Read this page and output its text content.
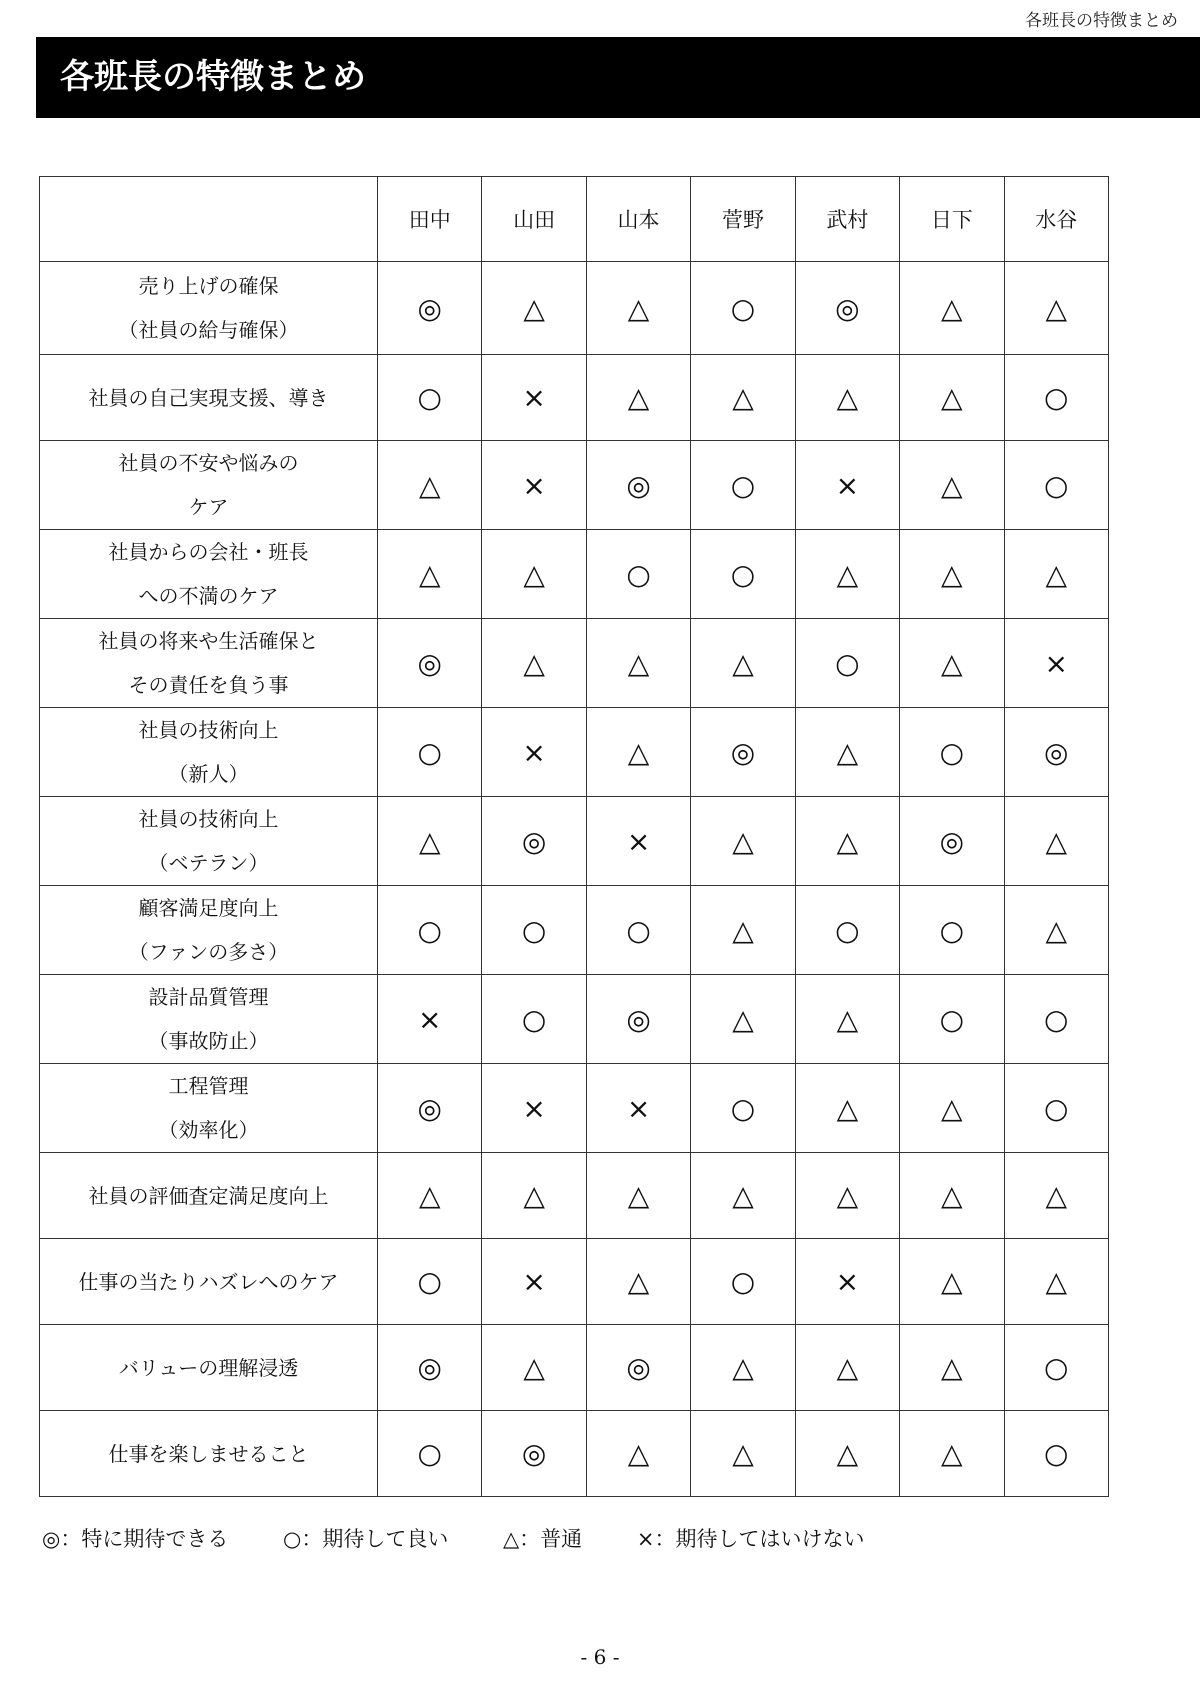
各班長の特徴まとめ
各班長の特徴まとめ
	田中	山田	山本	菅野	武村	日下	水谷

売り上げの確保
（社員の給与確保）	◎	△	△	○	◎	△	△

社員の自己実現支援、導き	○	×	△	△	△	△	○

社員の不安や悩みの
ケア	△	×	◎	○	×	△	○

社員からの会社・班長
への不満のケア	△	△	○	○	△	△	△

社員の将来や生活確保と
その責任を負う事	◎	△	△	△	○	△	×

社員の技術向上
（新人）	○	×	△	◎	△	○	◎

社員の技術向上
（ベテラン）	△	◎	×	△	△	◎	△

顧客満足度向上
（ファンの多さ）	○	○	○	△	○	○	△

設計品質管理
（事故防止）	×	○	◎	△	△	○	○

工程管理
（効率化）	◎	×	×	○	△	△	○

社員の評価査定満足度向上	△	△	△	△	△	△	△

仕事の当たりハズレへのケア	○	×	△	○	×	△	△

バリューの理解浸透	◎	△	◎	△	△	△	○

仕事を楽しませること	○	◎	△	△	△	△	○
◎：特に期待できる	○：期待して良い	△：普通	×：期待してはいけない
- 6 -
